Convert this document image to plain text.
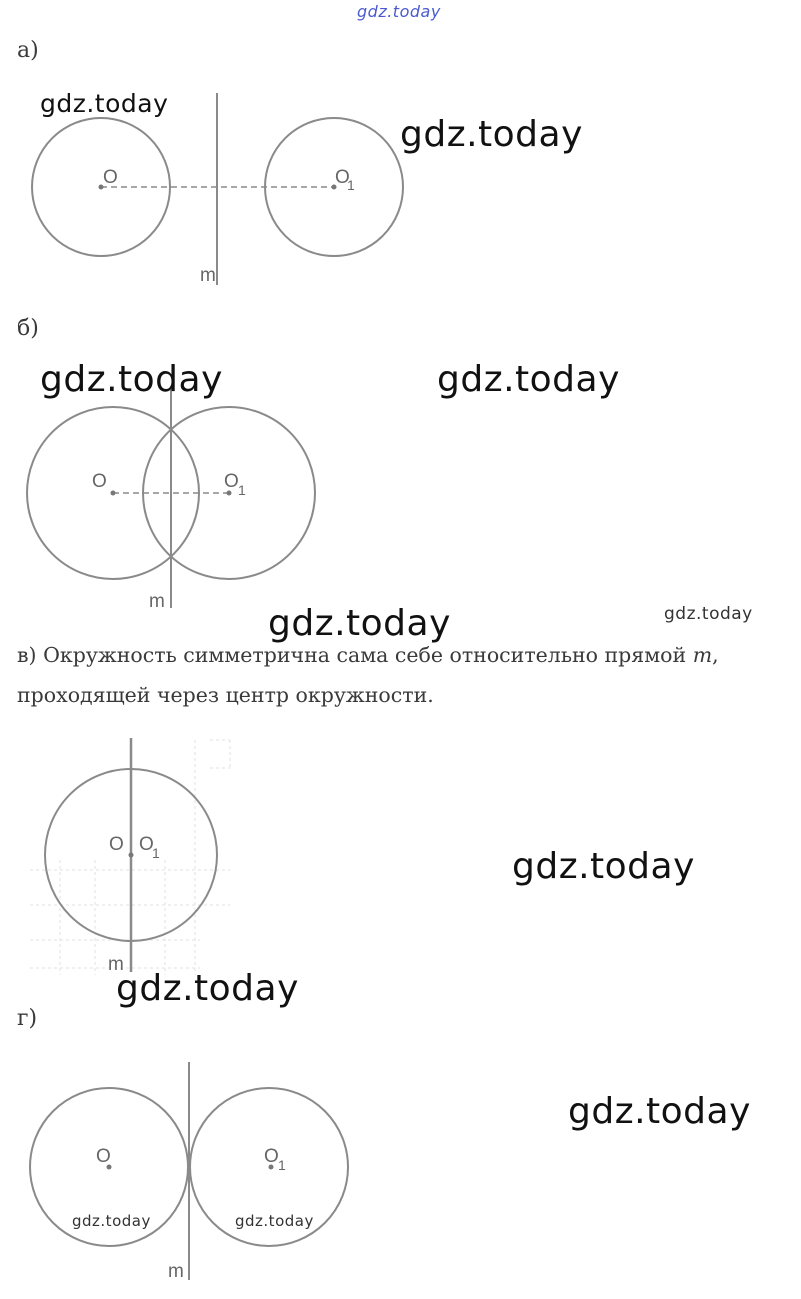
gdz.today
а)
O	O
1
m
gdz.today
gdz.today
б)
O	O 1
m
gdz.today	gdz.today
gdz.today	gdz.today
в) Окружность симметрична сама себе относительно прямой m,
проходящей через центр окружности.
O O
1
m
gdz.today
gdz.today
г)
O	O 1
m
gdz.today
gdz.today	gdz.today
